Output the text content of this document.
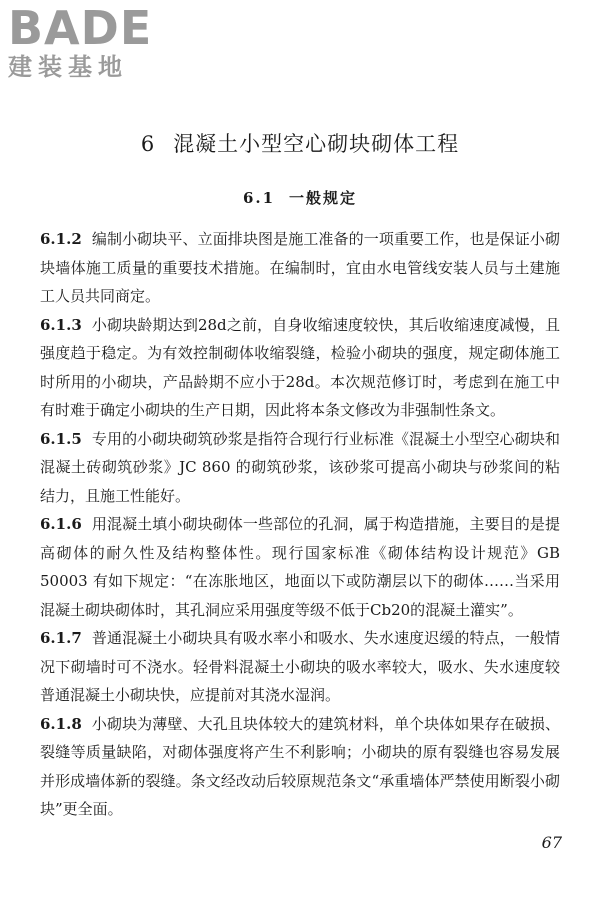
BADE
建装基地
6 混凝土小型空心砌块砌体工程
6.1 一般规定

6.1.2 编制小砌块平、立面排块图是施工准备的一项重要工作，也是保证小砌块墙体施工质量的重要技术措施。在编制时，宜由水电管线安装人员与土建施工人员共同商定。

6.1.3 小砌块龄期达到28d之前，自身收缩速度较快，其后收缩速度减慢，且强度趋于稳定。为有效控制砌体收缩裂缝，检验小砌块的强度，规定砌体施工时所用的小砌块，产品龄期不应小于28d。本次规范修订时，考虑到在施工中有时难于确定小砌块的生产日期，因此将本条文修改为非强制性条文。

6.1.5 专用的小砌块砌筑砂浆是指符合现行行业标准《混凝土小型空心砌块和混凝土砖砌筑砂浆》JC 860 的砌筑砂浆，该砂浆可提高小砌块与砂浆间的粘结力，且施工性能好。

6.1.6 用混凝土填小砌块砌体一些部位的孔洞，属于构造措施，主要目的是提高砌体的耐久性及结构整体性。现行国家标准《砌体结构设计规范》GB 50003 有如下规定：“在冻胀地区，地面以下或防潮层以下的砌体……当采用混凝土砌块砌体时，其孔洞应采用强度等级不低于Cb20的混凝土灌实”。

6.1.7 普通混凝土小砌块具有吸水率小和吸水、失水速度迟缓的特点，一般情况下砌墙时可不浇水。轻骨料混凝土小砌块的吸水率较大，吸水、失水速度较普通混凝土小砌块快，应提前对其浇水湿润。

6.1.8 小砌块为薄壁、大孔且块体较大的建筑材料，单个块体如果存在破损、裂缝等质量缺陷，对砌体强度将产生不利影响；小砌块的原有裂缝也容易发展并形成墙体新的裂缝。条文经改动后较原规范条文“承重墙体严禁使用断裂小砌块”更全面。

67
